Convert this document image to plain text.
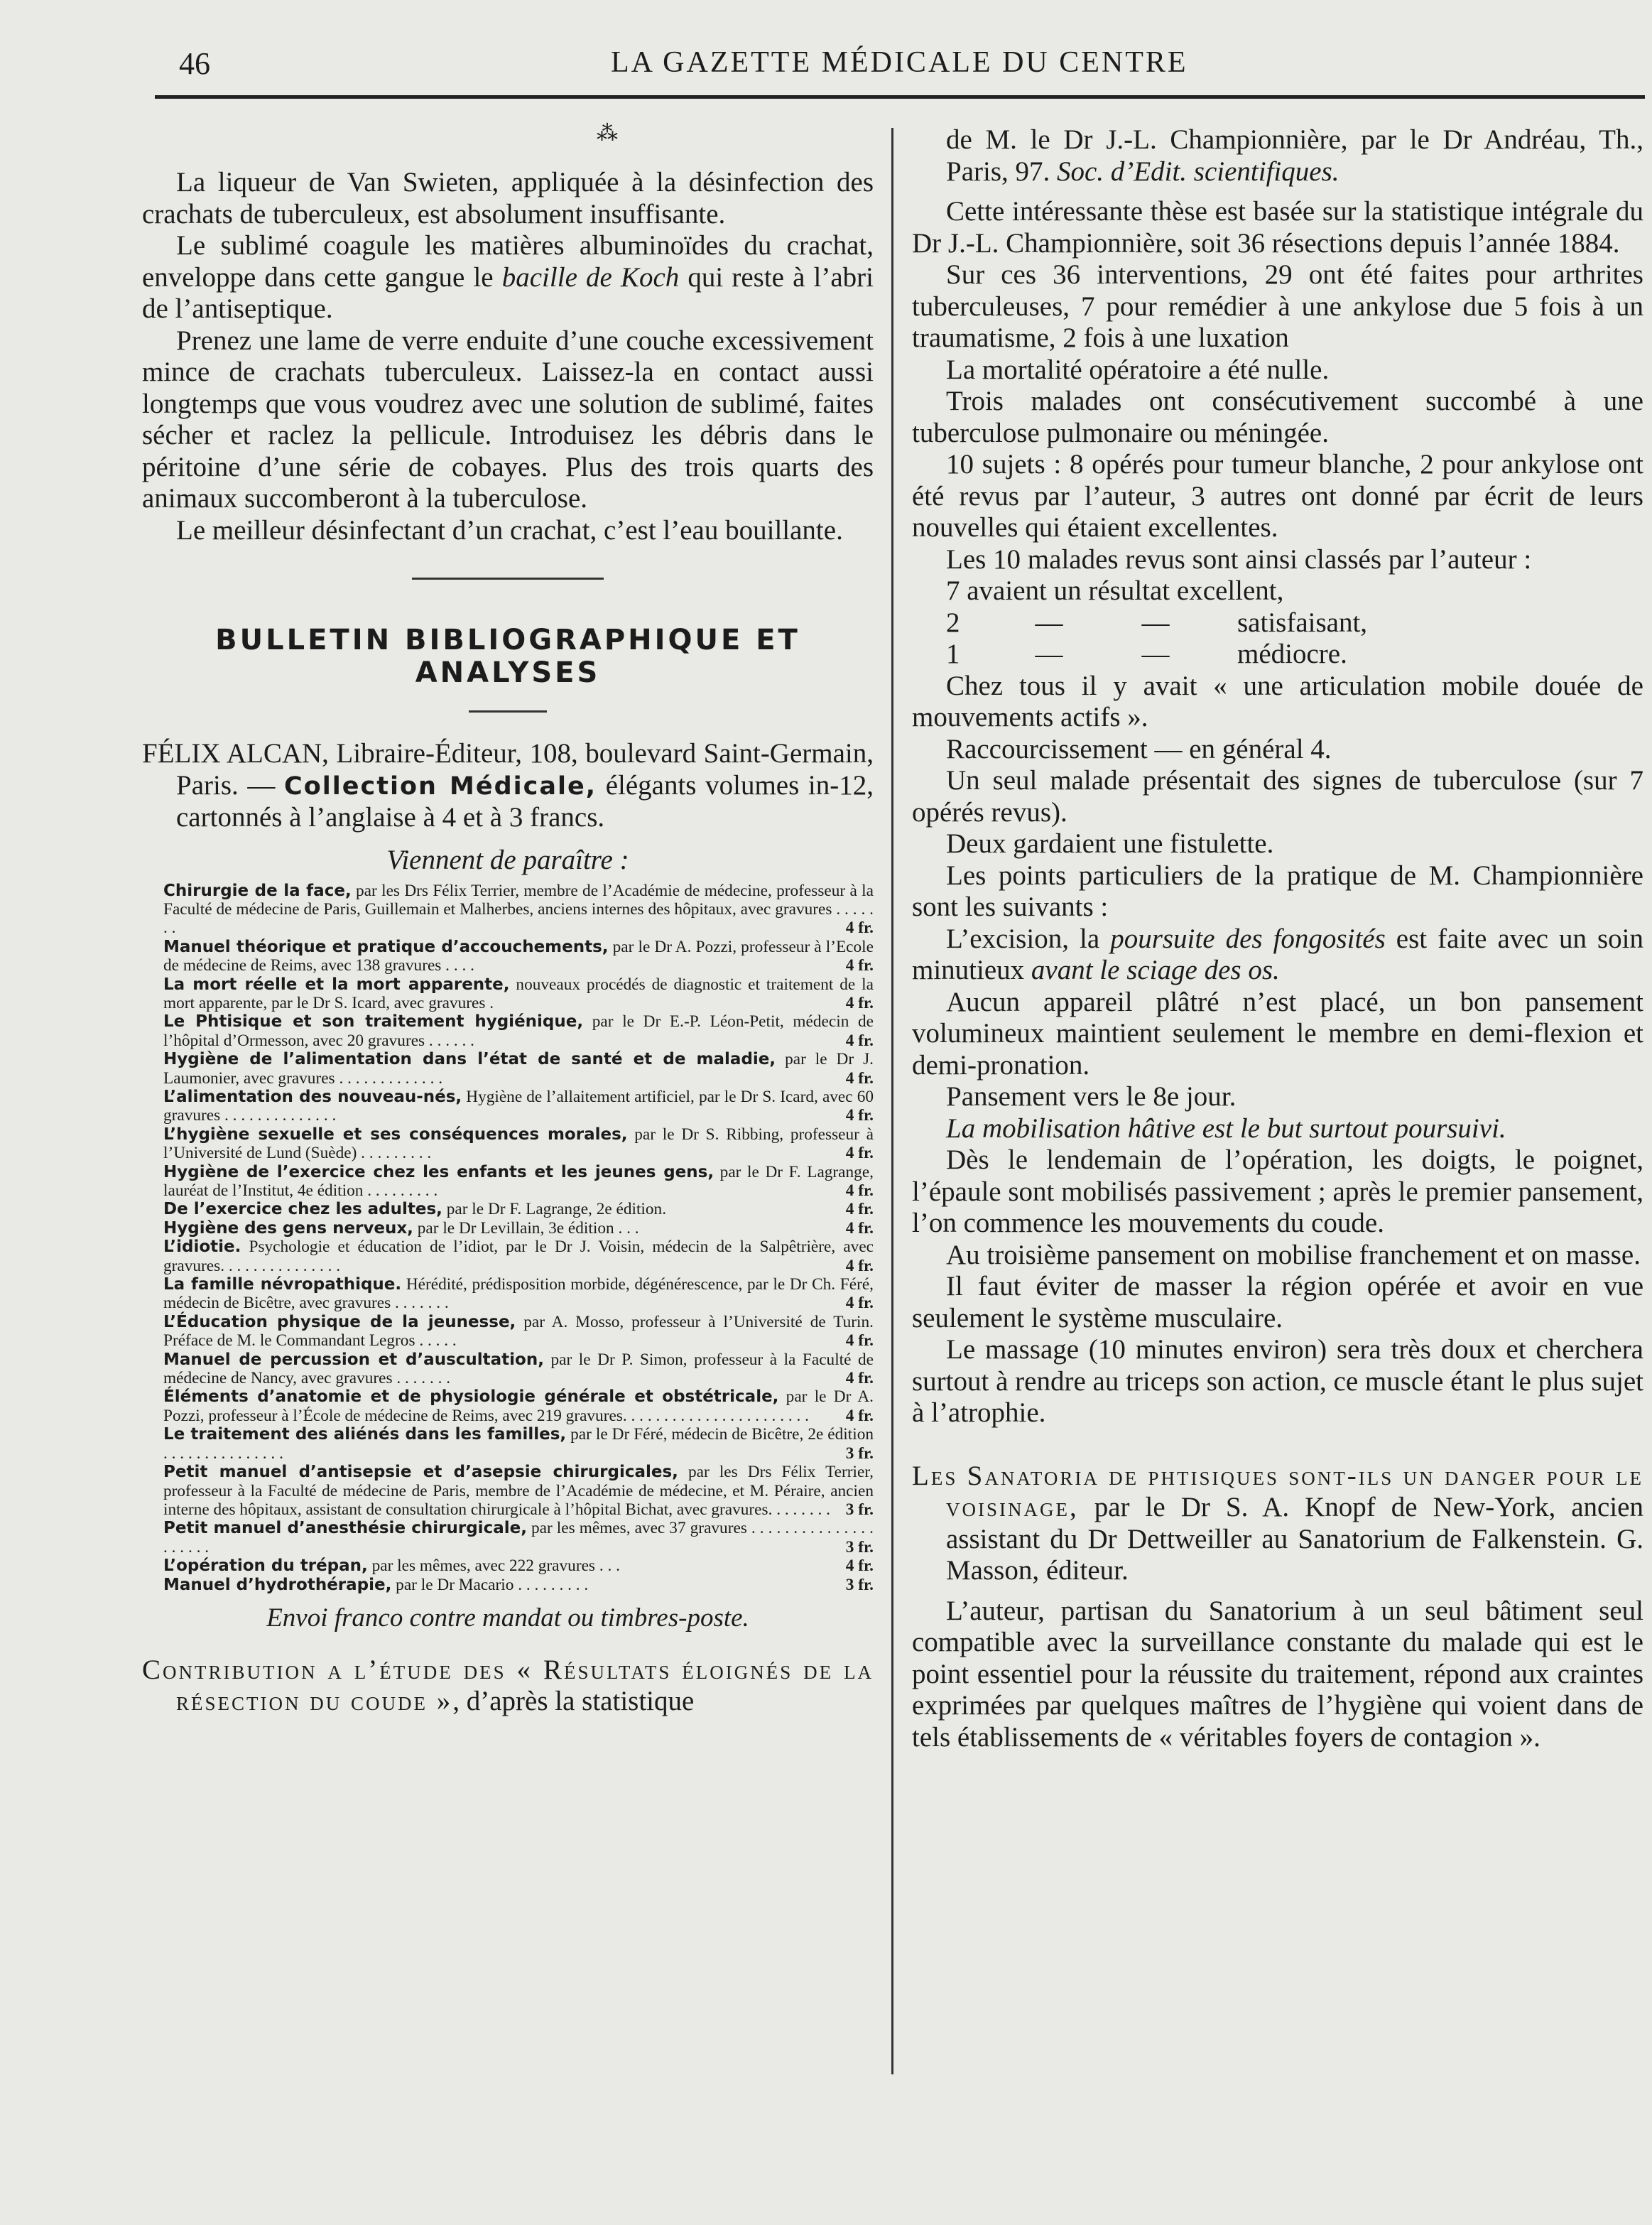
46	LA GAZETTE MÉDICALE DU CENTRE
⁂

La liqueur de Van Swieten, appliquée à la désinfection des crachats de tuberculeux, est absolument insuffisante.

Le sublimé coagule les matières albuminoïdes du crachat, enveloppe dans cette gangue le bacille de Koch qui reste à l’abri de l’antiseptique.

Prenez une lame de verre enduite d’une couche excessivement mince de crachats tuberculeux. Laissez-la en contact aussi longtemps que vous voudrez avec une solution de sublimé, faites sécher et raclez la pellicule. Introduisez les débris dans le péritoine d’une série de cobayes. Plus des trois quarts des animaux succomberont à la tuberculose.

Le meilleur désinfectant d’un crachat, c’est l’eau bouillante.

BULLETIN BIBLIOGRAPHIQUE ET ANALYSES

FÉLIX ALCAN, Libraire-Éditeur, 108, boulevard Saint-Germain, Paris. — Collection Médicale, élégants volumes in-12, cartonnés à l’anglaise à 4 et à 3 francs.

Viennent de paraître :

Chirurgie de la face, par les Drs Félix Terrier, membre de l’Académie de médecine, professeur à la Faculté de médecine de Paris, Guillemain et Malherbes, anciens internes des hôpitaux, avec gravures . . . . . . .	4 fr.

Manuel théorique et pratique d’accouchements, par le Dr A. Pozzi, professeur à l’Ecole de médecine de Reims, avec 138 gravures . . . .	4 fr.

La mort réelle et la mort apparente, nouveaux procédés de diagnostic et traitement de la mort apparente, par le Dr S. Icard, avec gravures .	4 fr.

Le Phtisique et son traitement hygiénique, par le Dr E.-P. Léon-Petit, médecin de l’hôpital d’Ormesson, avec 20 gravures . . . . . .	4 fr.

Hygiène de l’alimentation dans l’état de santé et de maladie, par le Dr J. Laumonier, avec gravures . . . . . . . . . . . . .	4 fr.

L’alimentation des nouveau-nés, Hygiène de l’allaitement artificiel, par le Dr S. Icard, avec 60 gravures . . . . . . . . . . . . . .	4 fr.

L’hygiène sexuelle et ses conséquences morales, par le Dr S. Ribbing, professeur à l’Université de Lund (Suède) . . . . . . . . .	4 fr.

Hygiène de l’exercice chez les enfants et les jeunes gens, par le Dr F. Lagrange, lauréat de l’Institut, 4e édition . . . . . . . . .	4 fr.

De l’exercice chez les adultes, par le Dr F. Lagrange, 2e édition.	4 fr.

Hygiène des gens nerveux, par le Dr Levillain, 3e édition . . .	4 fr.

L’idiotie. Psychologie et éducation de l’idiot, par le Dr J. Voisin, médecin de la Salpêtrière, avec gravures. . . . . . . . . . . . . . .	4 fr.

La famille névropathique. Hérédité, prédisposition morbide, dégénérescence, par le Dr Ch. Féré, médecin de Bicêtre, avec gravures . . . . . . .	4 fr.

L’Éducation physique de la jeunesse, par A. Mosso, professeur à l’Université de Turin. Préface de M. le Commandant Legros . . . . .	4 fr.

Manuel de percussion et d’auscultation, par le Dr P. Simon, professeur à la Faculté de médecine de Nancy, avec gravures . . . . . . .	4 fr.

Éléments d’anatomie et de physiologie générale et obstétricale, par le Dr A. Pozzi, professeur à l’École de médecine de Reims, avec 219 gravures. . . . . . . . . . . . . . . . . . . . . . . 4 fr.

Le traitement des aliénés dans les familles, par le Dr Féré, médecin de Bicêtre, 2e édition . . . . . . . . . . . . . . .	3 fr.

Petit manuel d’antisepsie et d’asepsie chirurgicales, par les Drs Félix Terrier, professeur à la Faculté de médecine de Paris, membre de l’Académie de médecine, et M. Péraire, ancien interne des hôpitaux, assistant de consultation chirurgicale à l’hôpital Bichat, avec gravures. . . . . . . . 3 fr.

Petit manuel d’anesthésie chirurgicale, par les mêmes, avec 37 gravures . . . . . . . . . . . . . . . . . . . . .	3 fr.

L’opération du trépan, par les mêmes, avec 222 gravures . . .	4 fr.

Manuel d’hydrothérapie, par le Dr Macario . . . . . . . . .	3 fr.

Envoi franco contre mandat ou timbres-poste.

Contribution a l’étude des « Résultats éloignés de la résection du coude », d’après la statistique

de M. le Dr J.-L. Championnière, par le Dr Andréau, Th., Paris, 97. Soc. d’Edit. scientifiques.

Cette intéressante thèse est basée sur la statistique intégrale du Dr J.-L. Championnière, soit 36 résections depuis l’année 1884.

Sur ces 36 interventions, 29 ont été faites pour arthrites tuberculeuses, 7 pour remédier à une ankylose due 5 fois à un traumatisme, 2 fois à une luxation

La mortalité opératoire a été nulle.

Trois malades ont consécutivement succombé à une tuberculose pulmonaire ou méningée.

10 sujets : 8 opérés pour tumeur blanche, 2 pour ankylose ont été revus par l’auteur, 3 autres ont donné par écrit de leurs nouvelles qui étaient excellentes.

Les 10 malades revus sont ainsi classés par l’auteur :

7 avaient un résultat excellent,

2	—	— satisfaisant,

1	—	— médiocre.

Chez tous il y avait « une articulation mobile douée de mouvements actifs ».

Raccourcissement — en général 4.

Un seul malade présentait des signes de tuberculose (sur 7 opérés revus).

Deux gardaient une fistulette.

Les points particuliers de la pratique de M. Championnière sont les suivants :

L’excision, la poursuite des fongosités est faite avec un soin minutieux avant le sciage des os.

Aucun appareil plâtré n’est placé, un bon pansement volumineux maintient seulement le membre en demi-flexion et demi-pronation.

Pansement vers le 8e jour.

La mobilisation hâtive est le but surtout poursuivi.

Dès le lendemain de l’opération, les doigts, le poignet, l’épaule sont mobilisés passivement ; après le premier pansement, l’on commence les mouvements du coude.

Au troisième pansement on mobilise franchement et on masse.

Il faut éviter de masser la région opérée et avoir en vue seulement le système musculaire.

Le massage (10 minutes environ) sera très doux et cherchera surtout à rendre au triceps son action, ce muscle étant le plus sujet à l’atrophie.

Les Sanatoria de phtisiques sont-ils un danger pour le voisinage, par le Dr S. A. Knopf de New-York, ancien assistant du Dr Dettweiller au Sanatorium de Falkenstein. G. Masson, éditeur.

L’auteur, partisan du Sanatorium à un seul bâtiment seul compatible avec la surveillance constante du malade qui est le point essentiel pour la réussite du traitement, répond aux craintes exprimées par quelques maîtres de l’hygiène qui voient dans de tels établissements de « véritables foyers de contagion ».
